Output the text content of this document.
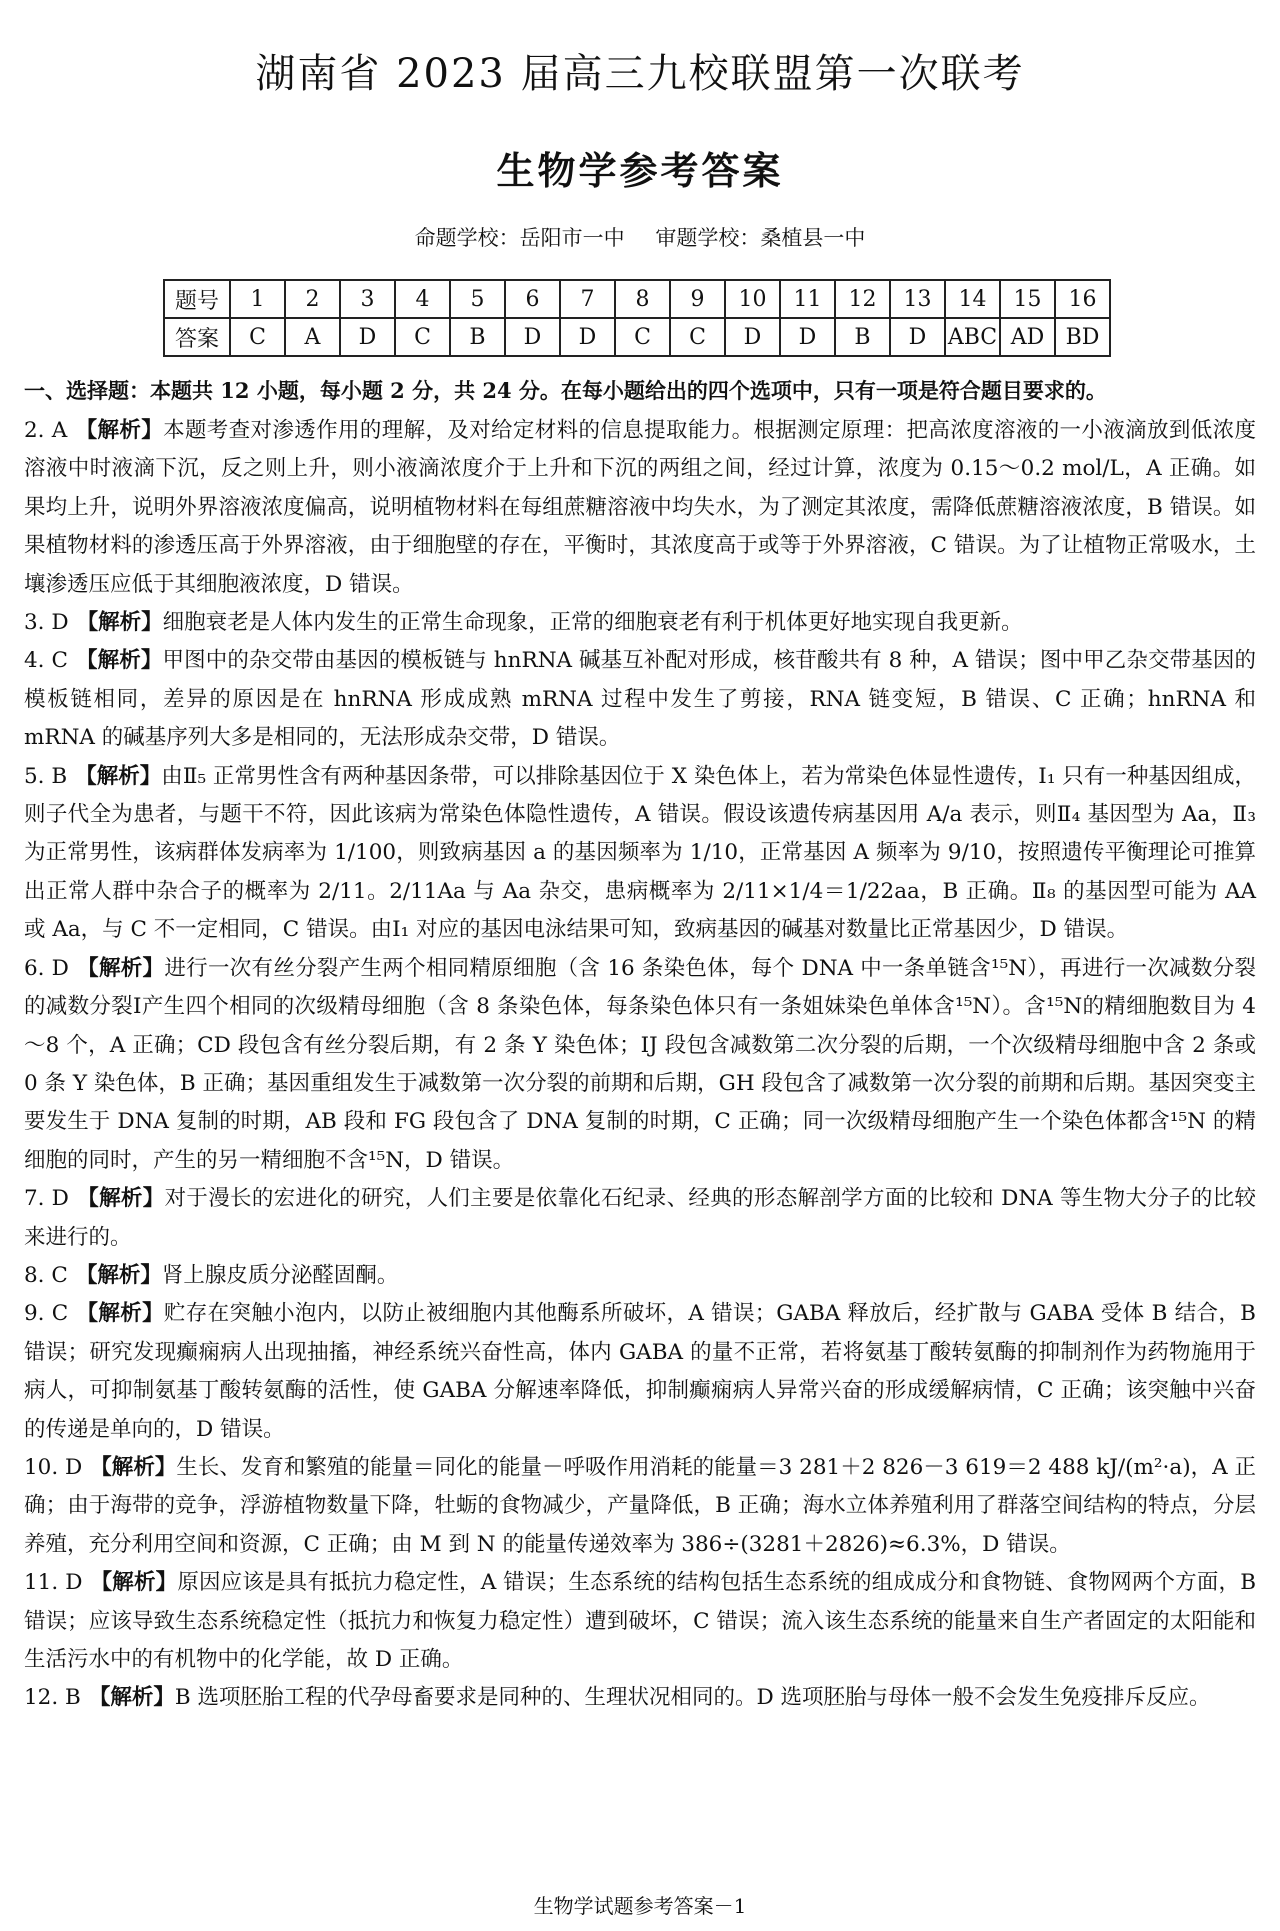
湖南省 2023 届高三九校联盟第一次联考
生物学参考答案
命题学校：岳阳市一中 审题学校：桑植县一中
题号	1	2	3	4	5	6	7	8	9	10	11	12	13	14	15	16
答案	C	A	D	C	B	D	D	C	C	D	D	B	D	ABC	AD	BD
一、选择题：本题共 12 小题，每小题 2 分，共 24 分。在每小题给出的四个选项中，只有一项是符合题目要求的。

2. A 【解析】本题考查对渗透作用的理解，及对给定材料的信息提取能力。根据测定原理：把高浓度溶液的一小液滴放到低浓度溶液中时液滴下沉，反之则上升，则小液滴浓度介于上升和下沉的两组之间，经过计算，浓度为 0.15～0.2 mol/L，A 正确。如果均上升，说明外界溶液浓度偏高，说明植物材料在每组蔗糖溶液中均失水，为了测定其浓度，需降低蔗糖溶液浓度，B 错误。如果植物材料的渗透压高于外界溶液，由于细胞壁的存在，平衡时，其浓度高于或等于外界溶液，C 错误。为了让植物正常吸水，土壤渗透压应低于其细胞液浓度，D 错误。

3. D 【解析】细胞衰老是人体内发生的正常生命现象，正常的细胞衰老有利于机体更好地实现自我更新。

4. C 【解析】甲图中的杂交带由基因的模板链与 hnRNA 碱基互补配对形成，核苷酸共有 8 种，A 错误；图中甲乙杂交带基因的模板链相同，差异的原因是在 hnRNA 形成成熟 mRNA 过程中发生了剪接，RNA 链变短，B 错误、C 正确；hnRNA 和 mRNA 的碱基序列大多是相同的，无法形成杂交带，D 错误。

5. B 【解析】由Ⅱ₅ 正常男性含有两种基因条带，可以排除基因位于 X 染色体上，若为常染色体显性遗传，Ⅰ₁ 只有一种基因组成，则子代全为患者，与题干不符，因此该病为常染色体隐性遗传，A 错误。假设该遗传病基因用 A/a 表示，则Ⅱ₄ 基因型为 Aa，Ⅱ₃ 为正常男性，该病群体发病率为 1/100，则致病基因 a 的基因频率为 1/10，正常基因 A 频率为 9/10，按照遗传平衡理论可推算出正常人群中杂合子的概率为 2/11。2/11Aa 与 Aa 杂交，患病概率为 2/11×1/4＝1/22aa，B 正确。Ⅱ₈ 的基因型可能为 AA 或 Aa，与 C 不一定相同，C 错误。由Ⅰ₁ 对应的基因电泳结果可知，致病基因的碱基对数量比正常基因少，D 错误。

6. D 【解析】进行一次有丝分裂产生两个相同精原细胞（含 16 条染色体，每个 DNA 中一条单链含¹⁵N），再进行一次减数分裂的减数分裂Ⅰ产生四个相同的次级精母细胞（含 8 条染色体，每条染色体只有一条姐妹染色单体含¹⁵N）。含¹⁵N的精细胞数目为 4～8 个，A 正确；CD 段包含有丝分裂后期，有 2 条 Y 染色体；IJ 段包含减数第二次分裂的后期，一个次级精母细胞中含 2 条或 0 条 Y 染色体，B 正确；基因重组发生于减数第一次分裂的前期和后期，GH 段包含了减数第一次分裂的前期和后期。基因突变主要发生于 DNA 复制的时期，AB 段和 FG 段包含了 DNA 复制的时期，C 正确；同一次级精母细胞产生一个染色体都含¹⁵N 的精细胞的同时，产生的另一精细胞不含¹⁵N，D 错误。

7. D 【解析】对于漫长的宏进化的研究，人们主要是依靠化石纪录、经典的形态解剖学方面的比较和 DNA 等生物大分子的比较来进行的。

8. C 【解析】肾上腺皮质分泌醛固酮。

9. C 【解析】贮存在突触小泡内，以防止被细胞内其他酶系所破坏，A 错误；GABA 释放后，经扩散与 GABA 受体 B 结合，B 错误；研究发现癫痫病人出现抽搐，神经系统兴奋性高，体内 GABA 的量不正常，若将氨基丁酸转氨酶的抑制剂作为药物施用于病人，可抑制氨基丁酸转氨酶的活性，使 GABA 分解速率降低，抑制癫痫病人异常兴奋的形成缓解病情，C 正确；该突触中兴奋的传递是单向的，D 错误。

10. D 【解析】生长、发育和繁殖的能量＝同化的能量－呼吸作用消耗的能量＝3 281＋2 826－3 619＝2 488 kJ/(m²·a)，A 正确；由于海带的竞争，浮游植物数量下降，牡蛎的食物减少，产量降低，B 正确；海水立体养殖利用了群落空间结构的特点，分层养殖，充分利用空间和资源，C 正确；由 M 到 N 的能量传递效率为 386÷(3281＋2826)≈6.3%，D 错误。

11. D 【解析】原因应该是具有抵抗力稳定性，A 错误；生态系统的结构包括生态系统的组成成分和食物链、食物网两个方面，B 错误；应该导致生态系统稳定性（抵抗力和恢复力稳定性）遭到破坏，C 错误；流入该生态系统的能量来自生产者固定的太阳能和生活污水中的有机物中的化学能，故 D 正确。

12. B 【解析】B 选项胚胎工程的代孕母畜要求是同种的、生理状况相同的。D 选项胚胎与母体一般不会发生免疫排斥反应。

生物学试题参考答案－1
